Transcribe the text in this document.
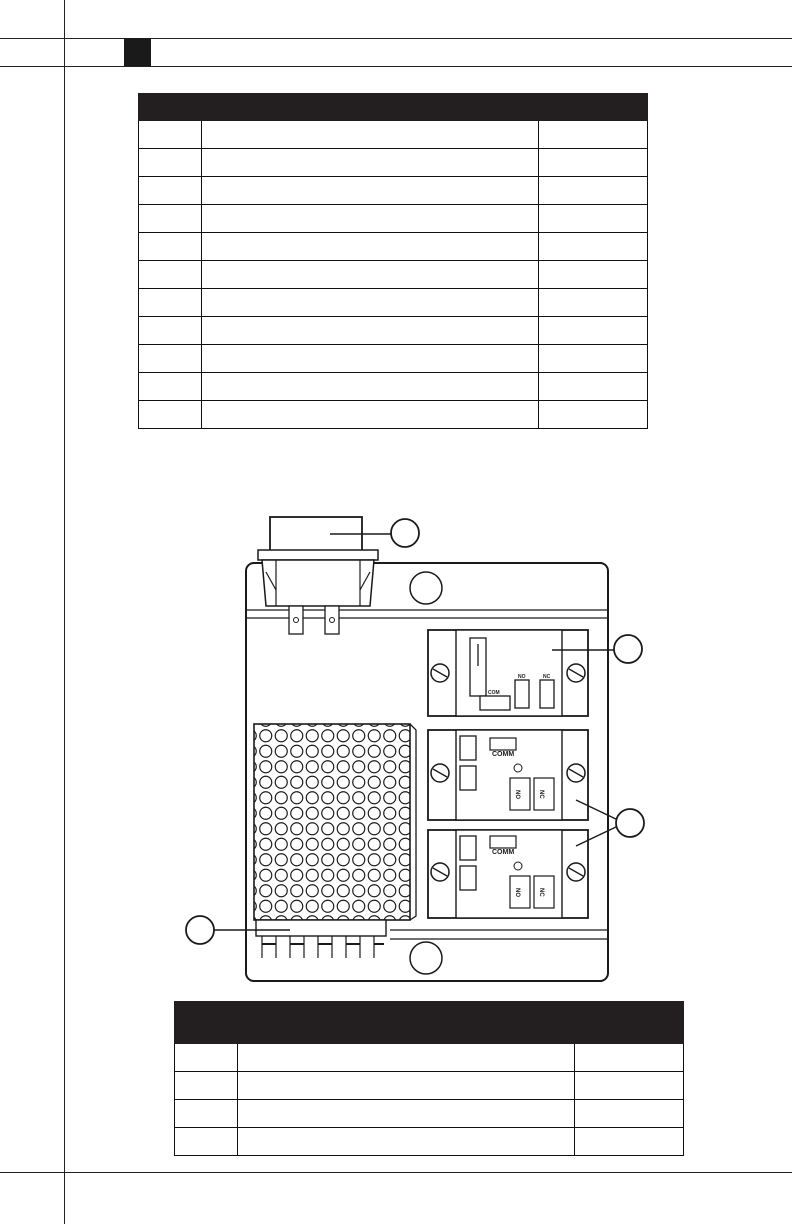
COM
NO	NC
COMM
NO	NC
COMM
NO	NC
